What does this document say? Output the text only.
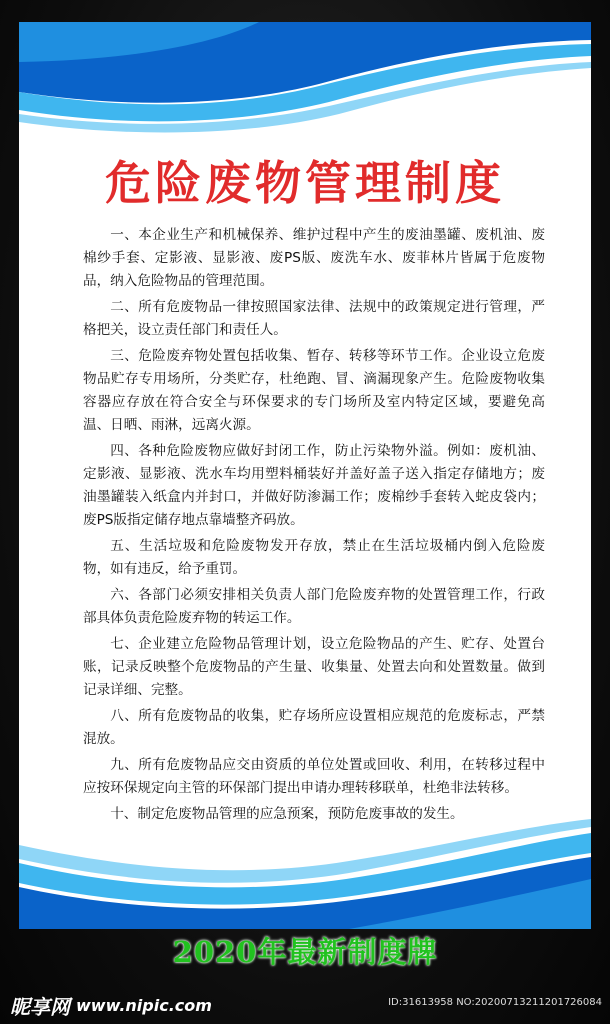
危险废物管理制度

一、本企业生产和机械保养、维护过程中产生的废油墨罐、废机油、废棉纱手套、定影液、显影液、废PS版、废洗车水、废菲林片皆属于危废物品，纳入危险物品的管理范围。

二、所有危废物品一律按照国家法律、法规中的政策规定进行管理，严格把关，设立责任部门和责任人。

三、危险废弃物处置包括收集、暂存、转移等环节工作。企业设立危废物品贮存专用场所，分类贮存，杜绝跑、冒、滴漏现象产生。危险废物收集容器应存放在符合安全与环保要求的专门场所及室内特定区域，要避免高温、日晒、雨淋，远离火源。

四、各种危险废物应做好封闭工作，防止污染物外溢。例如：废机油、定影液、显影液、洗水车均用塑料桶装好并盖好盖子送入指定存储地方；废油墨罐装入纸盒内并封口，并做好防渗漏工作；废棉纱手套转入蛇皮袋内；废PS版指定储存地点靠墙整齐码放。

五、生活垃圾和危险废物发开存放，禁止在生活垃圾桶内倒入危险废物，如有违反，给予重罚。

六、各部门必须安排相关负责人部门危险废弃物的处置管理工作，行政部具体负责危险废弃物的转运工作。

七、企业建立危险物品管理计划，设立危险物品的产生、贮存、处置台账，记录反映整个危废物品的产生量、收集量、处置去向和处置数量。做到记录详细、完整。

八、所有危废物品的收集，贮存场所应设置相应规范的危废标志，严禁混放。

九、所有危废物品应交由资质的单位处置或回收、利用，在转移过程中应按环保规定向主管的环保部门提出申请办理转移联单，杜绝非法转移。

十、制定危废物品管理的应急预案，预防危废事故的发生。

2020年最新制度牌
昵享网 www.nipic.com	ID:31613958 NO:20200713211201726084
